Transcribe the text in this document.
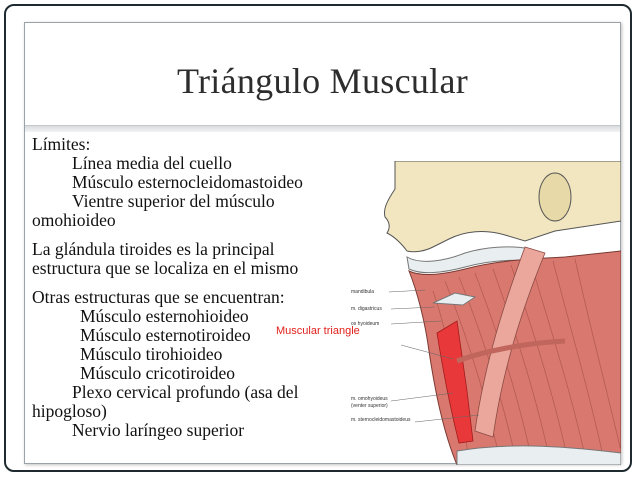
Triángulo Muscular
Límites:
Línea media del cuello
Músculo esternocleidomastoideo
Vientre superior del músculo
omohioideo
La glándula tiroides es la principal
estructura que se localiza en el mismo
Otras estructuras que se encuentran:
Músculo esternohioideo
Músculo esternotiroideo
Músculo tirohioideo
Músculo cricotiroideo
Plexo cervical profundo (asa del
hipogloso)
Nervio laríngeo superior
mandibula
m. digastricus
os hyoideum
m. omohyoideus
(venter superior)
m. sternocleidomastoideus
Muscular triangle
